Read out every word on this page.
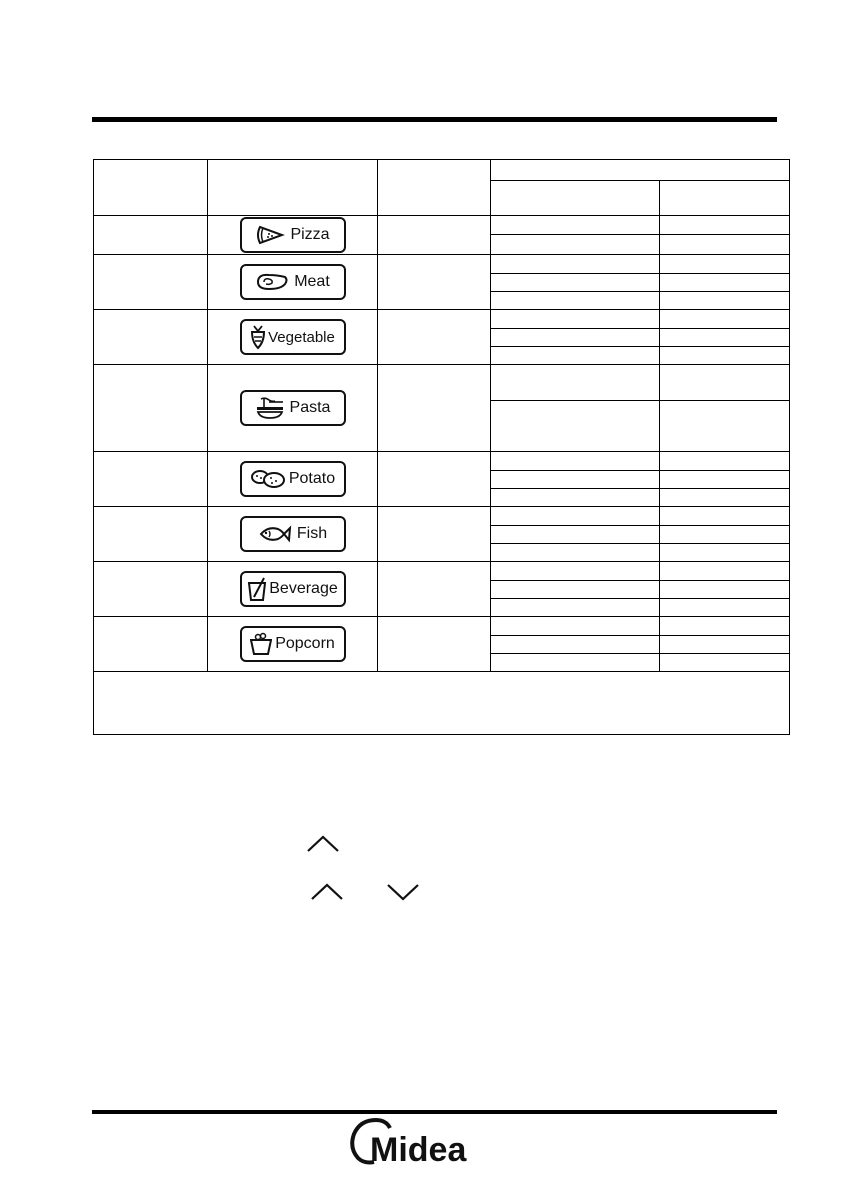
	Pizza			

	Meat			

	Vegetable			

	Pasta			

	Potato			

	Fish			

	Beverage			

	Popcorn			

Midea
